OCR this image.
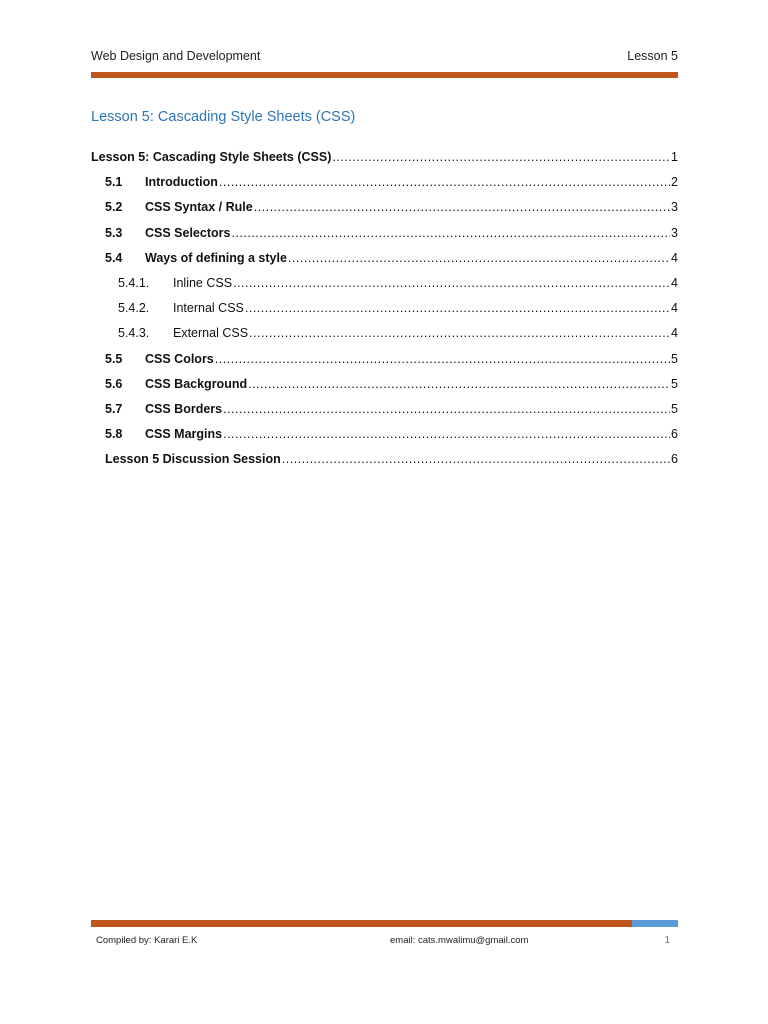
Web Design and Development	Lesson 5
Lesson 5: Cascading Style Sheets (CSS)
Lesson 5: Cascading Style Sheets (CSS) .....	1
5.1	Introduction .....	2
5.2	CSS Syntax / Rule .....	3
5.3	CSS Selectors .....	3
5.4	Ways of defining a style .....	4
5.4.1.	Inline CSS .....	4
5.4.2.	Internal CSS .....	4
5.4.3.	External CSS .....	4
5.5	CSS Colors .....	5
5.6	CSS Background .....	5
5.7	CSS Borders .....	5
5.8	CSS Margins .....	6
Lesson 5 Discussion Session .....	6
Compiled by: Karari E.K	email: cats.mwalimu@gmail.com	1
